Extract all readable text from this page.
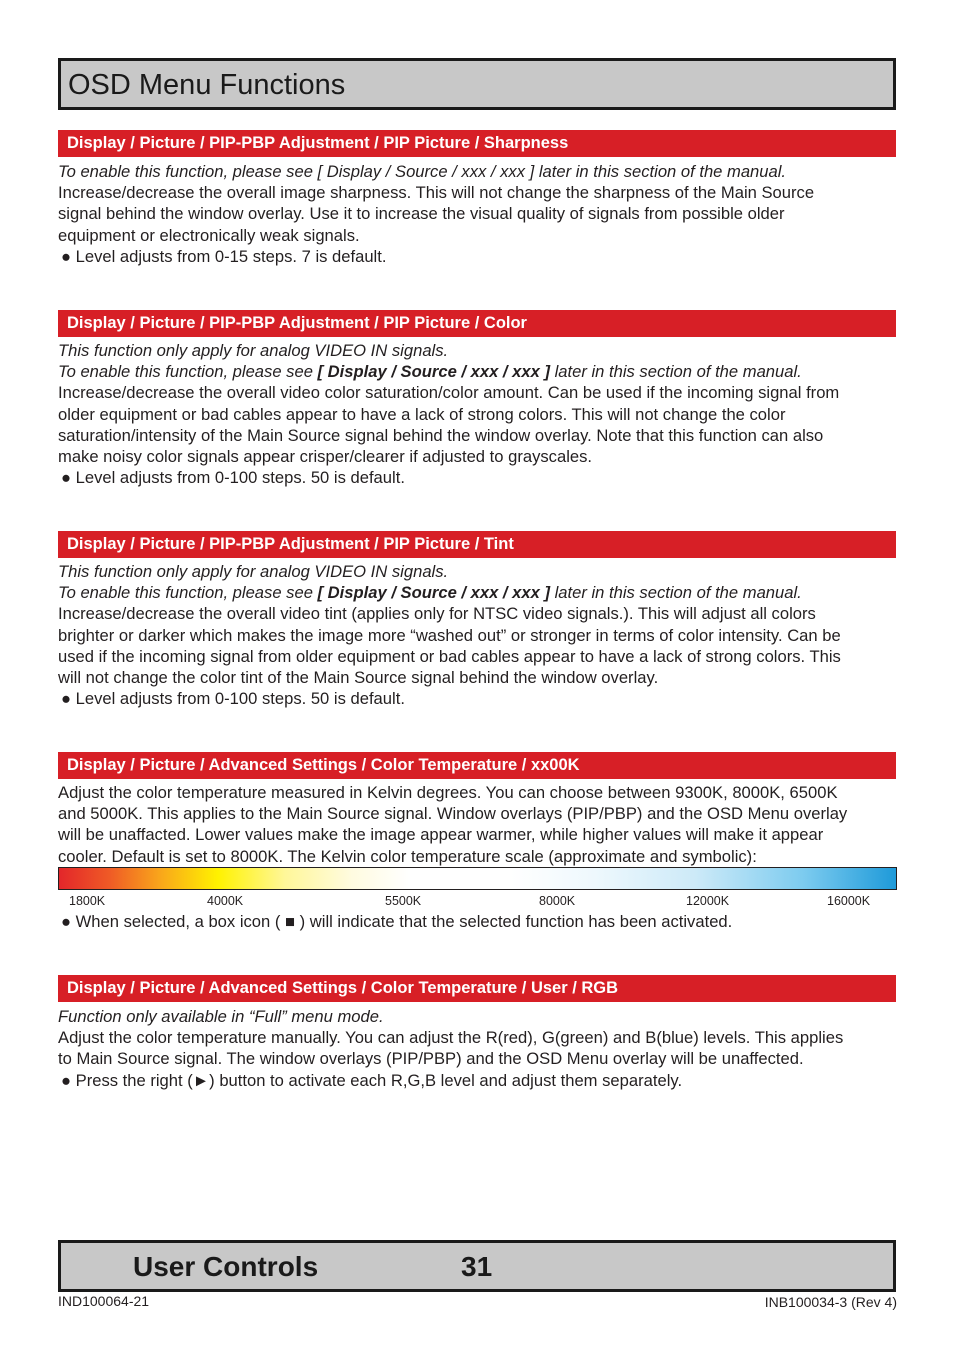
OSD Menu Functions
Display / Picture / PIP-PBP Adjustment / PIP Picture / Sharpness

To enable this function, please see [ Display / Source / xxx / xxx ] later in this section of the manual.

Increase/decrease the overall image sharpness. This will not change the sharpness of the Main Source

signal behind the window overlay. Use it to increase the visual quality of signals from possible older

equipment or electronically weak signals.

● Level adjusts from 0-15 steps. 7 is default.

Display / Picture / PIP-PBP Adjustment / PIP Picture / Color

This function only apply for analog VIDEO IN signals.

To enable this function, please see [ Display / Source / xxx / xxx ] later in this section of the manual.

Increase/decrease the overall video color saturation/color amount. Can be used if the incoming signal from

older equipment or bad cables appear to have a lack of strong colors. This will not change the color

saturation/intensity of the Main Source signal behind the window overlay. Note that this function can also

make noisy color signals appear crisper/clearer if adjusted to grayscales.

● Level adjusts from 0-100 steps. 50 is default.

Display / Picture / PIP-PBP Adjustment / PIP Picture / Tint

This function only apply for analog VIDEO IN signals.

To enable this function, please see [ Display / Source / xxx / xxx ] later in this section of the manual.

Increase/decrease the overall video tint (applies only for NTSC video signals.). This will adjust all colors

brighter or darker which makes the image more “washed out” or stronger in terms of color intensity. Can be

used if the incoming signal from older equipment or bad cables appear to have a lack of strong colors. This

will not change the color tint of the Main Source signal behind the window overlay.

● Level adjusts from 0-100 steps. 50 is default.

Display / Picture / Advanced Settings / Color Temperature / xx00K

Adjust the color temperature measured in Kelvin degrees. You can choose between 9300K, 8000K, 6500K

and 5000K. This applies to the Main Source signal. Window overlays (PIP/PBP) and the OSD Menu overlay

will be unaffacted. Lower values make the image appear warmer, while higher values will make it appear

cooler. Default is set to 8000K. The Kelvin color temperature scale (approximate and symbolic):

1800K	4000K	5500K	8000K	12000K	16000K

● When selected, a box icon ( ■ ) will indicate that the selected function has been activated.

Display / Picture / Advanced Settings / Color Temperature / User / RGB

Function only available in “Full” menu mode.

Adjust the color temperature manually. You can adjust the R(red), G(green) and B(blue) levels. This applies

to Main Source signal. The window overlays (PIP/PBP) and the OSD Menu overlay will be unaffected.

● Press the right (►) button to activate each R,G,B level and adjust them separately.

User Controls	31
IND100064-21	INB100034-3 (Rev 4)
